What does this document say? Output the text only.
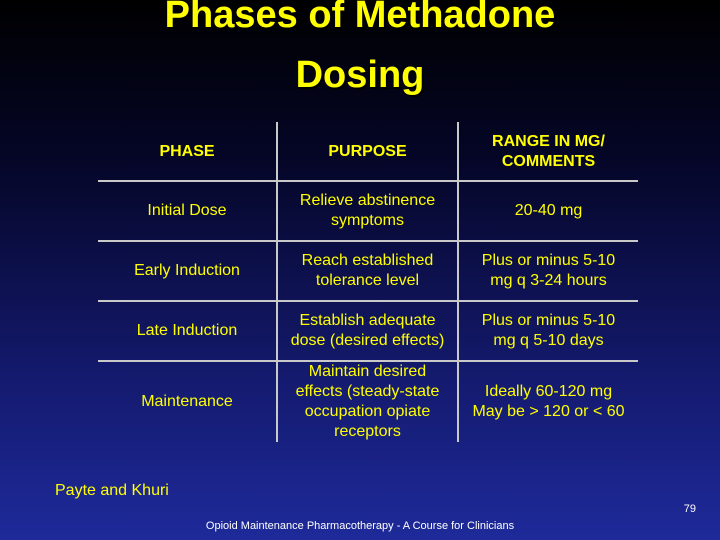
Phases of Methadone
Dosing
PHASE	PURPOSE
RANGE IN MG/
COMMENTS
Initial Dose
Relieve abstinence
symptoms
20-40 mg
Early Induction
Reach established
tolerance level
Plus or minus 5-10
mg q 3-24 hours
Late Induction
Establish adequate
dose (desired effects)
Plus or minus 5-10
mg q 5-10 days
Maintenance
Maintain desired
effects (steady-state
occupation opiate
receptors
Ideally 60-120 mg
May be > 120 or < 60
Payte and Khuri
79
Opioid Maintenance Pharmacotherapy - A Course for Clinicians
